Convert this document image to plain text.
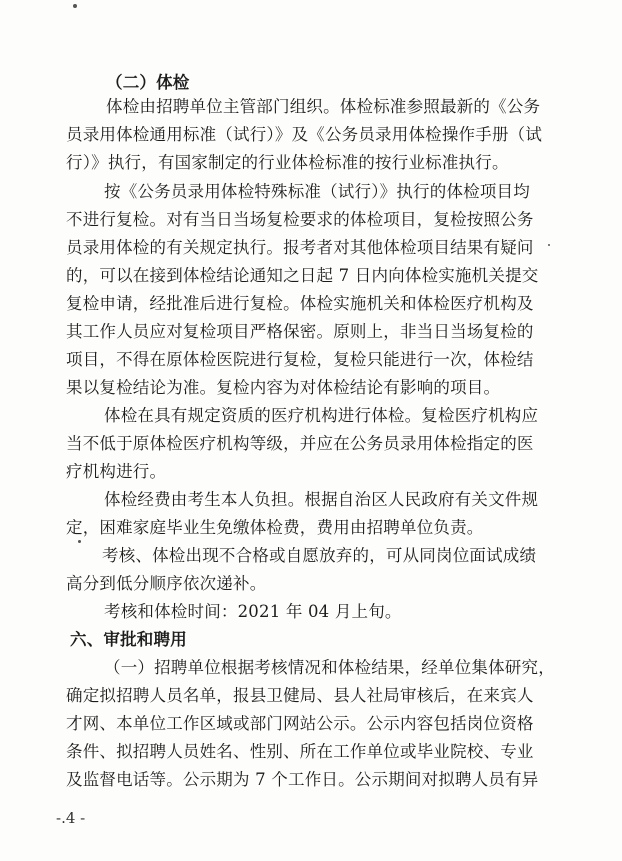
（二）体检
体检由招聘单位主管部门组织。体检标准参照最新的《公务
员录用体检通用标准（试行）》及《公务员录用体检操作手册（试
行）》执行，有国家制定的行业体检标准的按行业标准执行。
按《公务员录用体检特殊标准（试行）》执行的体检项目均
不进行复检。对有当日当场复检要求的体检项目，复检按照公务
员录用体检的有关规定执行。报考者对其他体检项目结果有疑问
的，可以在接到体检结论通知之日起 7 日内向体检实施机关提交
复检申请，经批准后进行复检。体检实施机关和体检医疗机构及
其工作人员应对复检项目严格保密。原则上，非当日当场复检的
项目，不得在原体检医院进行复检，复检只能进行一次，体检结
果以复检结论为准。复检内容为对体检结论有影响的项目。
体检在具有规定资质的医疗机构进行体检。复检医疗机构应
当不低于原体检医疗机构等级，并应在公务员录用体检指定的医
疗机构进行。
体检经费由考生本人负担。根据自治区人民政府有关文件规
定，困难家庭毕业生免缴体检费，费用由招聘单位负责。
考核、体检出现不合格或自愿放弃的，可从同岗位面试成绩
高分到低分顺序依次递补。
考核和体检时间：2021 年 04 月上旬。
六、审批和聘用
（一）招聘单位根据考核情况和体检结果，经单位集体研究，
确定拟招聘人员名单，报县卫健局、县人社局审核后，在来宾人
才网、本单位工作区域或部门网站公示。公示内容包括岗位资格
条件、拟招聘人员姓名、性别、所在工作单位或毕业院校、专业
及监督电话等。公示期为 7 个工作日。公示期间对拟聘人员有异
-.4 -
